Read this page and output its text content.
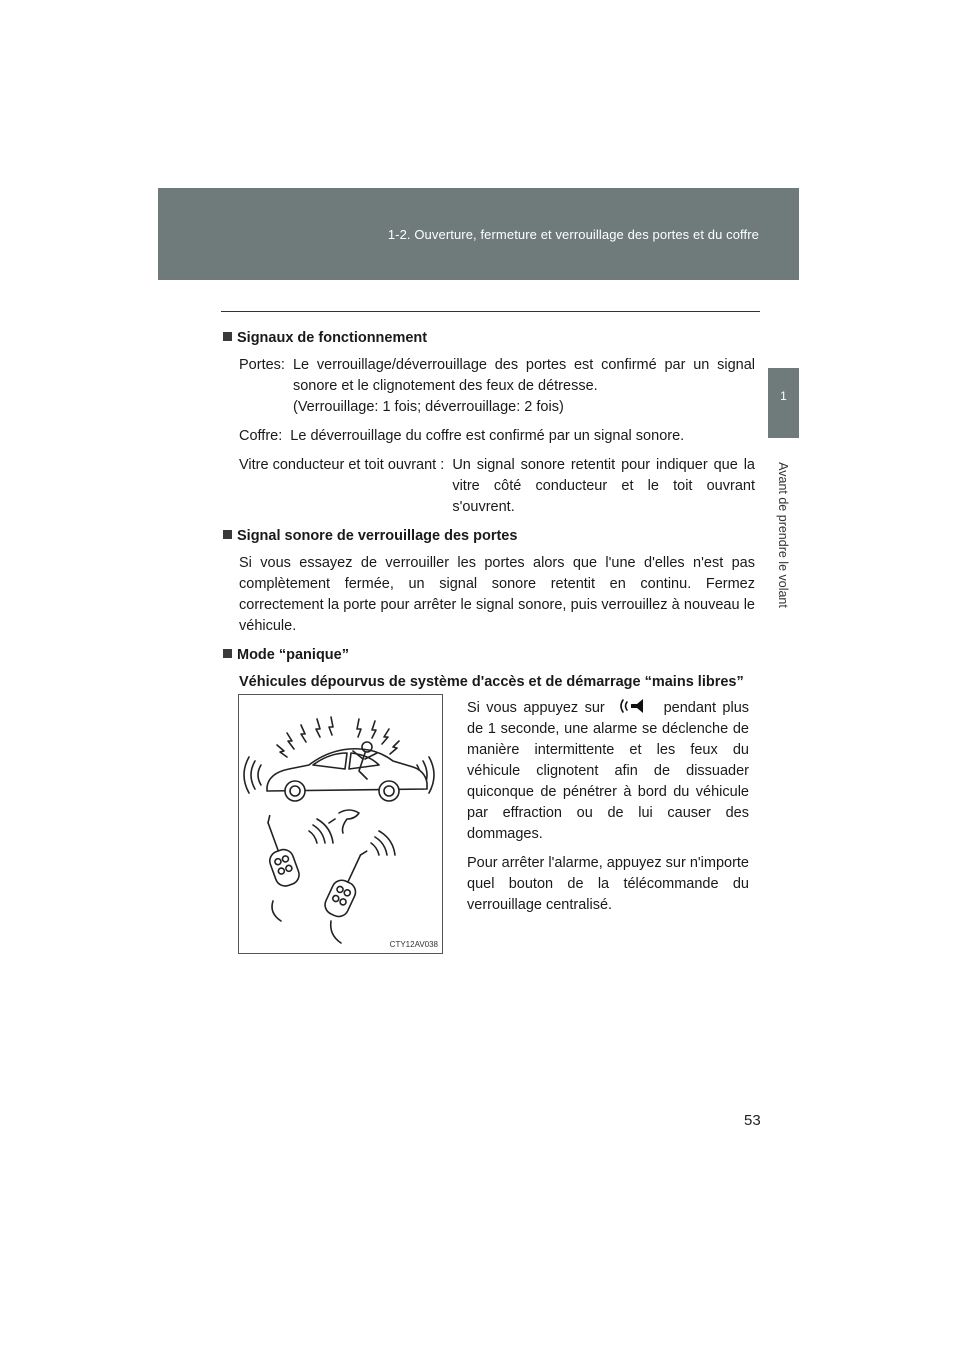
1-2. Ouverture, fermeture et verrouillage des portes et du coffre
1
Avant de prendre le volant
Signaux de fonctionnement
Portes : Le verrouillage/déverrouillage des portes est confirmé par un signal sonore et le clignotement des feux de détresse.
(Verrouillage: 1 fois; déverrouillage: 2 fois)
Coffre : Le déverrouillage du coffre est confirmé par un signal sonore.
Vitre conducteur et toit ouvrant : Un signal sonore retentit pour indiquer que la vitre côté conducteur et le toit ouvrant s'ouvrent.
Signal sonore de verrouillage des portes
Si vous essayez de verrouiller les portes alors que l'une d'elles n'est pas complètement fermée, un signal sonore retentit en continu. Fermez correctement la porte pour arrêter le signal sonore, puis verrouillez à nouveau le véhicule.
Mode “panique”
Véhicules dépourvus de système d'accès et de démarrage “mains libres”
CTY12AV038

Si vous appuyez sur	pendant plus de 1 seconde, une alarme se déclenche de manière intermittente et les feux du véhicule clignotent afin de dissuader quiconque de pénétrer à bord du véhicule par effraction ou de lui causer des dommages.

Pour arrêter l'alarme, appuyez sur n'importe quel bouton de la télécommande du verrouillage centralisé.

53
